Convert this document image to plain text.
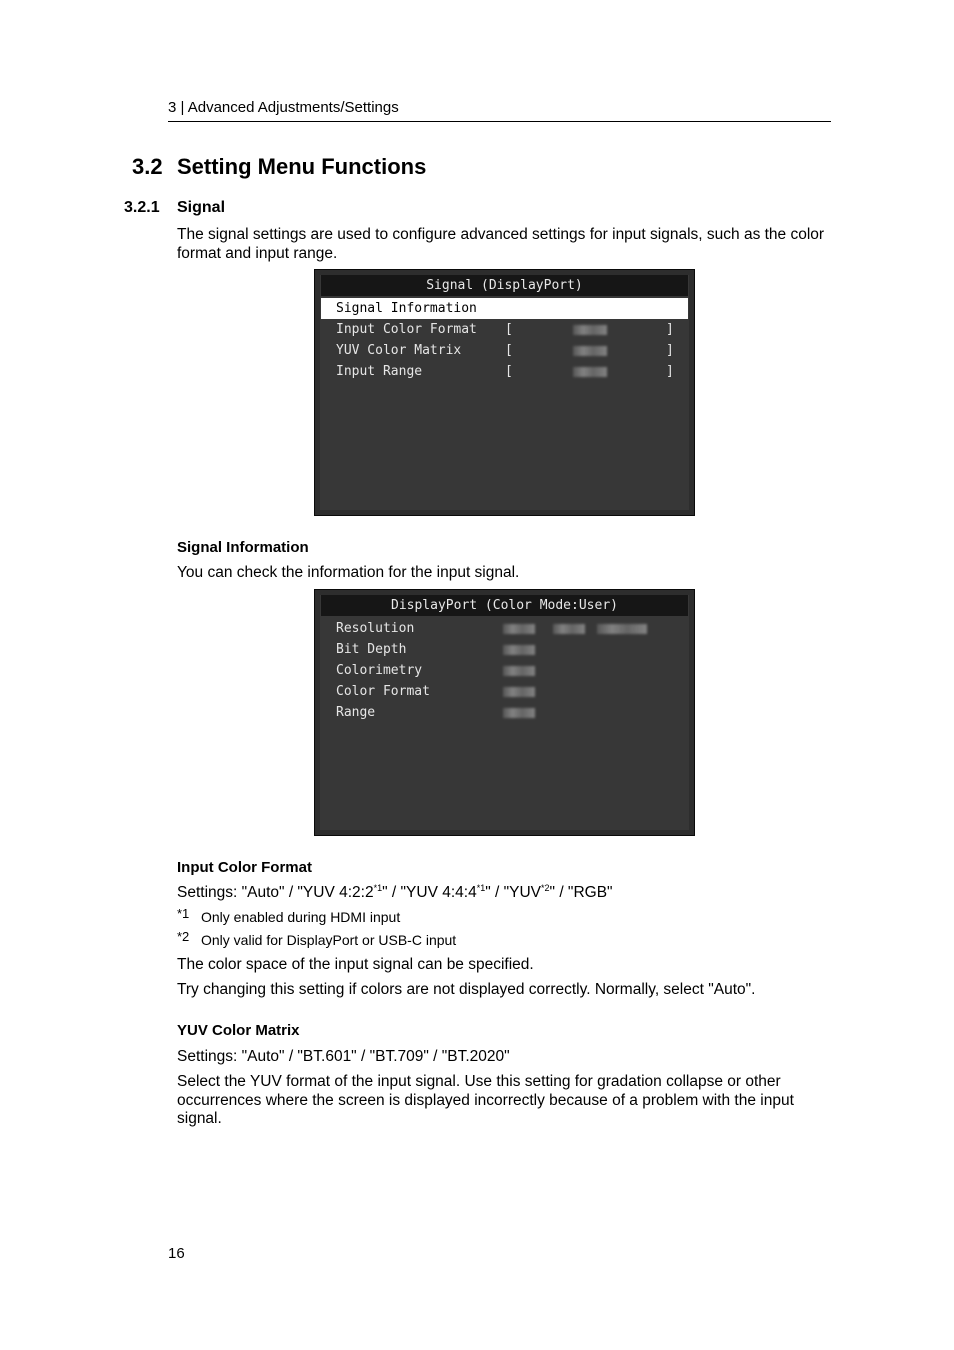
3 | Advanced Adjustments/Settings
3.2 Setting Menu Functions
3.2.1 Signal
The signal settings are used to configure advanced settings for input signals, such as the color format and input range.
Signal (DisplayPort)
Signal Information
Input Color Format [	]
YUV Color Matrix	[	]
Input Range	[	]
Signal Information
You can check the information for the input signal.
DisplayPort (Color Mode:User)
Resolution
Bit Depth
Colorimetry
Color Format
Range
Input Color Format
Settings: "Auto" / "YUV 4:2:2$^{*1}$" / "YUV 4:4:4$^{*1}$" / "YUV$^{*2}$" / "RGB"
*1 Only enabled during HDMI input
*2 Only valid for DisplayPort or USB-C input
The color space of the input signal can be specified.
Try changing this setting if colors are not displayed correctly. Normally, select "Auto".
YUV Color Matrix
Settings: "Auto" / "BT.601" / "BT.709" / "BT.2020"
Select the YUV format of the input signal. Use this setting for gradation collapse or other occurrences where the screen is displayed incorrectly because of a problem with the input signal.
16
